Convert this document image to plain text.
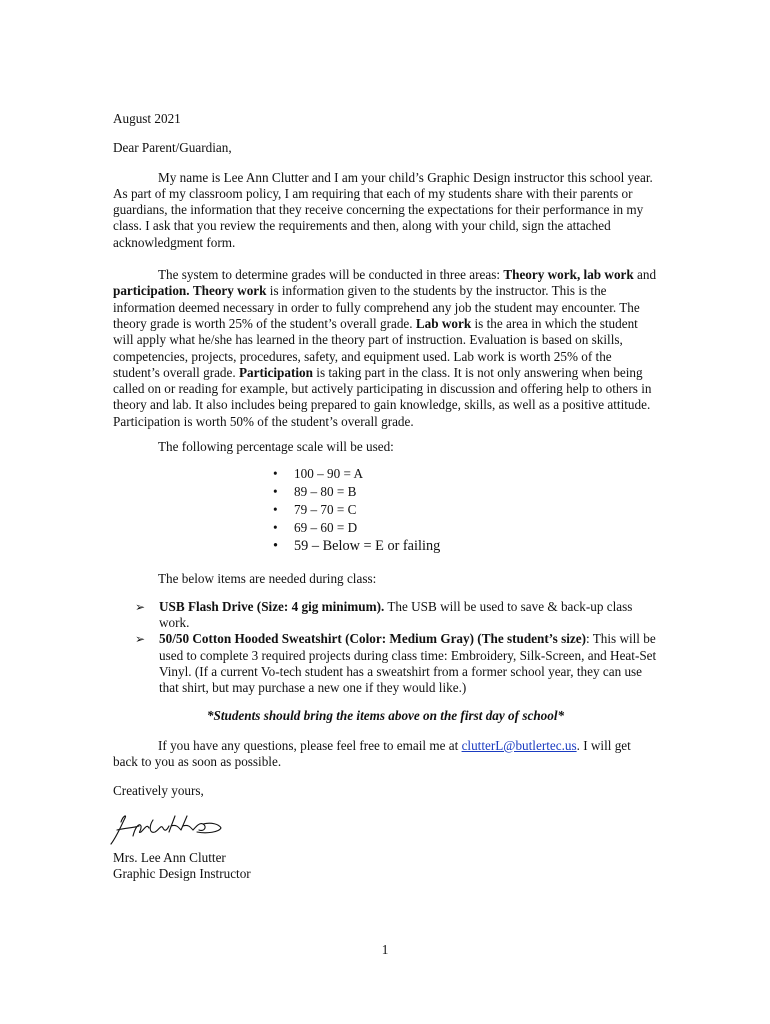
August 2021

Dear Parent/Guardian,

My name is Lee Ann Clutter and I am your child’s Graphic Design instructor this school year. As part of my classroom policy, I am requiring that each of my students share with their parents or guardians, the information that they receive concerning the expectations for their performance in my class. I ask that you review the requirements and then, along with your child, sign the attached acknowledgment form.

The system to determine grades will be conducted in three areas: Theory work, lab work and participation. Theory work is information given to the students by the instructor. This is the information deemed necessary in order to fully comprehend any job the student may encounter. The theory grade is worth 25% of the student’s overall grade. Lab work is the area in which the student will apply what he/she has learned in the theory part of instruction. Evaluation is based on skills, competencies, projects, procedures, safety, and equipment used. Lab work is worth 25% of the student’s overall grade. Participation is taking part in the class. It is not only answering when being called on or reading for example, but actively participating in discussion and offering help to others in theory and lab. It also includes being prepared to gain knowledge, skills, as well as a positive attitude. Participation is worth 50% of the student’s overall grade.

The following percentage scale will be used:

• 100 – 90 = A
• 89 – 80 = B
• 79 – 70 = C
• 69 – 60 = D
• 59 – Below = E or failing

The below items are needed during class:

➢ USB Flash Drive (Size: 4 gig minimum). The USB will be used to save & back-up class work.
➢ 50/50 Cotton Hooded Sweatshirt (Color: Medium Gray) (The student’s size): This will be used to complete 3 required projects during class time: Embroidery, Silk-Screen, and Heat-Set Vinyl. (If a current Vo-tech student has a sweatshirt from a former school year, they can use that shirt, but may purchase a new one if they would like.)

*Students should bring the items above on the first day of school*

If you have any questions, please feel free to email me at clutterL@butlertec.us. I will get back to you as soon as possible.

Creatively yours,

Mrs. Lee Ann Clutter

Graphic Design Instructor

1
